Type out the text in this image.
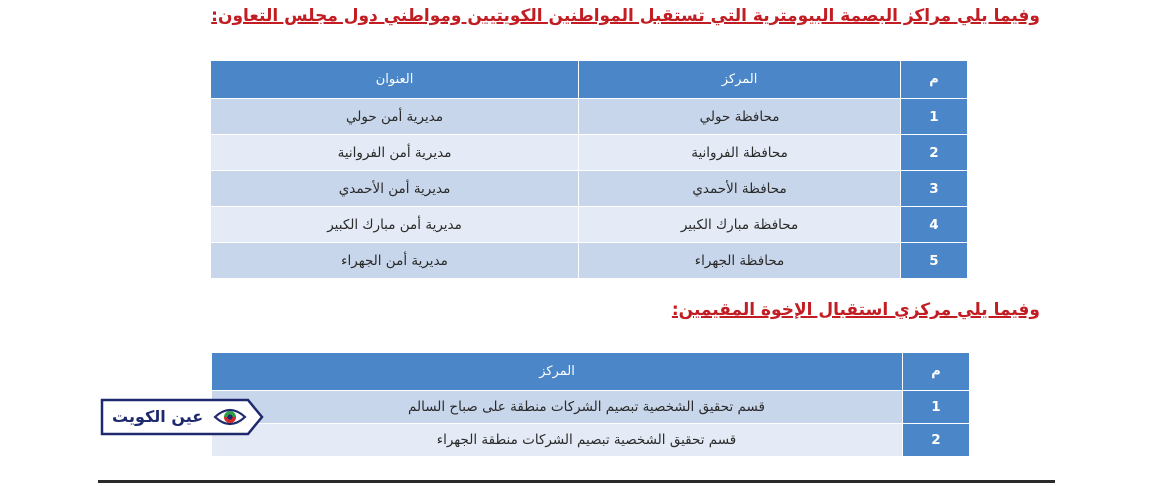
وفيما يلي مراكز البصمة البيومترية التي تستقبل المواطنين الكويتيين ومواطني دول مجلس التعاون:
م	المركز	العنوان
1	محافظة حولي	مديرية أمن حولي
2	محافظة الفروانية	مديرية أمن الفروانية
3	محافظة الأحمدي	مديرية أمن الأحمدي
4	محافظة مبارك الكبير	مديرية أمن مبارك الكبير
5	محافظة الجهراء	مديرية أمن الجهراء
وفيما يلي مركزي استقبال الإخوة المقيمين:
م	المركز
1	قسم تحقيق الشخصية تبصيم الشركات منطقة على صباح السالم
2	قسم تحقيق الشخصية تبصيم الشركات منطقة الجهراء
عين الكويت
